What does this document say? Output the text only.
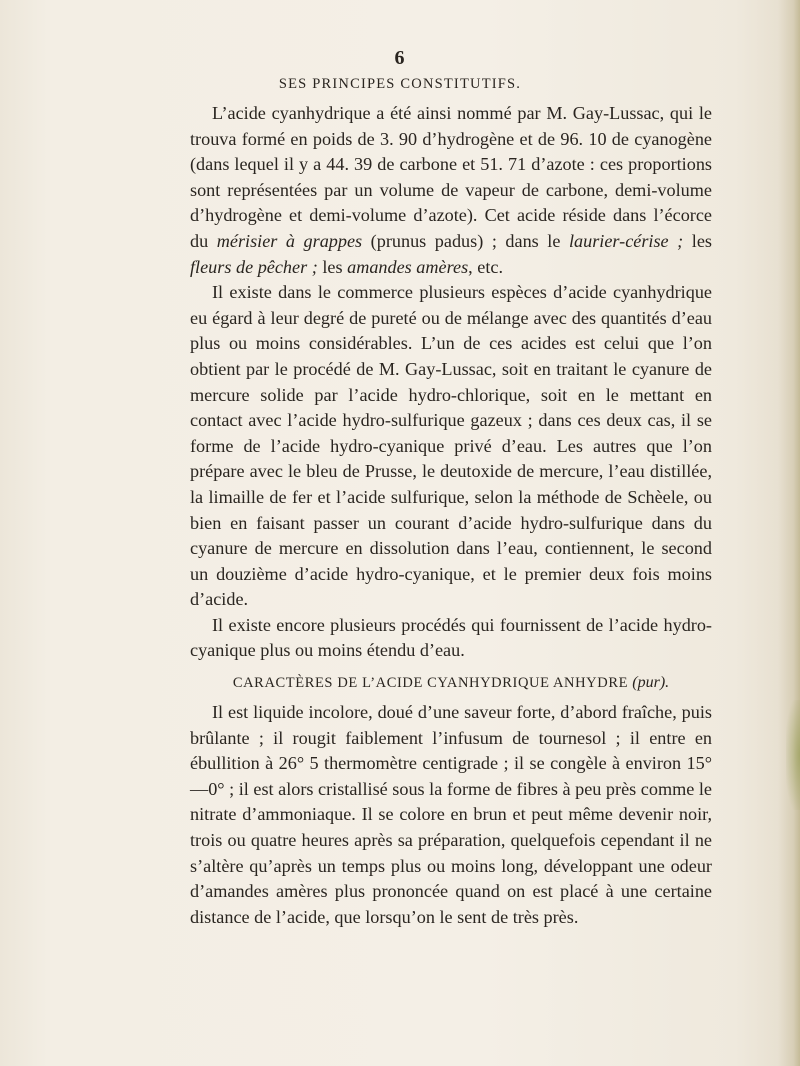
6
SES PRINCIPES CONSTITUTIFS.

L’acide cyanhydrique a été ainsi nommé par M. Gay-Lussac, qui le trouva formé en poids de 3. 90 d’hydrogène et de 96. 10 de cyanogène (dans lequel il y a 44. 39 de carbone et 51. 71 d’azote : ces proportions sont représentées par un volume de vapeur de carbone, demi-volume d’hydrogène et demi-volume d’azote). Cet acide réside dans l’écorce du mérisier à grappes (prunus padus) ; dans le laurier-cérise ; les fleurs de pêcher ; les amandes amères, etc.

Il existe dans le commerce plusieurs espèces d’acide cyanhydrique eu égard à leur degré de pureté ou de mélange avec des quantités d’eau plus ou moins considérables. L’un de ces acides est celui que l’on obtient par le procédé de M. Gay-Lussac, soit en traitant le cyanure de mercure solide par l’acide hydro-chlorique, soit en le mettant en contact avec l’acide hydro-sulfurique gazeux ; dans ces deux cas, il se forme de l’acide hydro-cyanique privé d’eau. Les autres que l’on prépare avec le bleu de Prusse, le deutoxide de mercure, l’eau distillée, la limaille de fer et l’acide sulfurique, selon la méthode de Schèele, ou bien en faisant passer un courant d’acide hydro-sulfurique dans du cyanure de mercure en dissolution dans l’eau, contiennent, le second un douzième d’acide hydro-cyanique, et le premier deux fois moins d’acide.

Il existe encore plusieurs procédés qui fournissent de l’acide hydro-cyanique plus ou moins étendu d’eau.

CARACTÈRES DE L’ACIDE CYANHYDRIQUE ANHYDRE (pur).

Il est liquide incolore, doué d’une saveur forte, d’abord fraîche, puis brûlante ; il rougit faiblement l’infusum de tournesol ; il entre en ébullition à 26° 5 thermomètre centigrade ; il se congèle à environ 15°—0° ; il est alors cristallisé sous la forme de fibres à peu près comme le nitrate d’ammoniaque. Il se colore en brun et peut même devenir noir, trois ou quatre heures après sa préparation, quelquefois cependant il ne s’altère qu’après un temps plus ou moins long, développant une odeur d’amandes amères plus prononcée quand on est placé à une certaine distance de l’acide, que lorsqu’on le sent de très près.
